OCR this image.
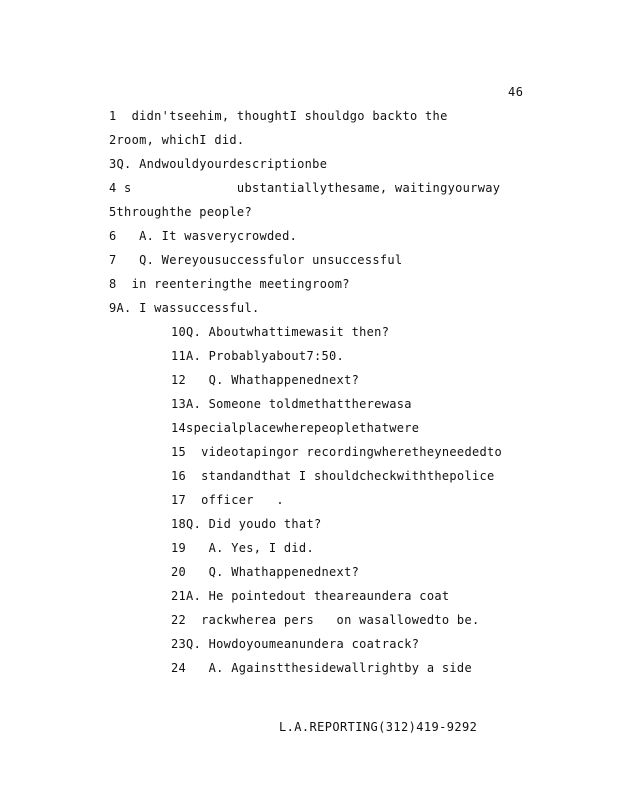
46
1  didn'tseehim, thoughtI shouldgo backto the
2room, whichI did.
3Q. Andwouldyourdescriptionbe
4 s              ubstantiallythesame, waitingyourway
5throughthe people?
6   A. It wasverycrowded.
7   Q. Wereyousuccessfulor unsuccessful
8  in reenteringthe meetingroom?
9A. I wassuccessful.
10Q. Aboutwhattimewasit then?
11A. Probablyabout7:50.
12   Q. Whathappenednext?
13A. Someone toldmethattherewasa
14specialplacewherepeoplethatwere
15  videotapingor recordingwheretheyneededto
16  standandthat I shouldcheckwiththepolice
17  officer   .
18Q. Did youdo that?
19   A. Yes, I did.
20   Q. Whathappenednext?
21A. He pointedout theareaundera coat
22  rackwherea pers   on wasallowedto be.
23Q. Howdoyoumeanundera coatrack?
24   A. Againstthesidewallrightby a side
L.A.REPORTING(312)419-9292
